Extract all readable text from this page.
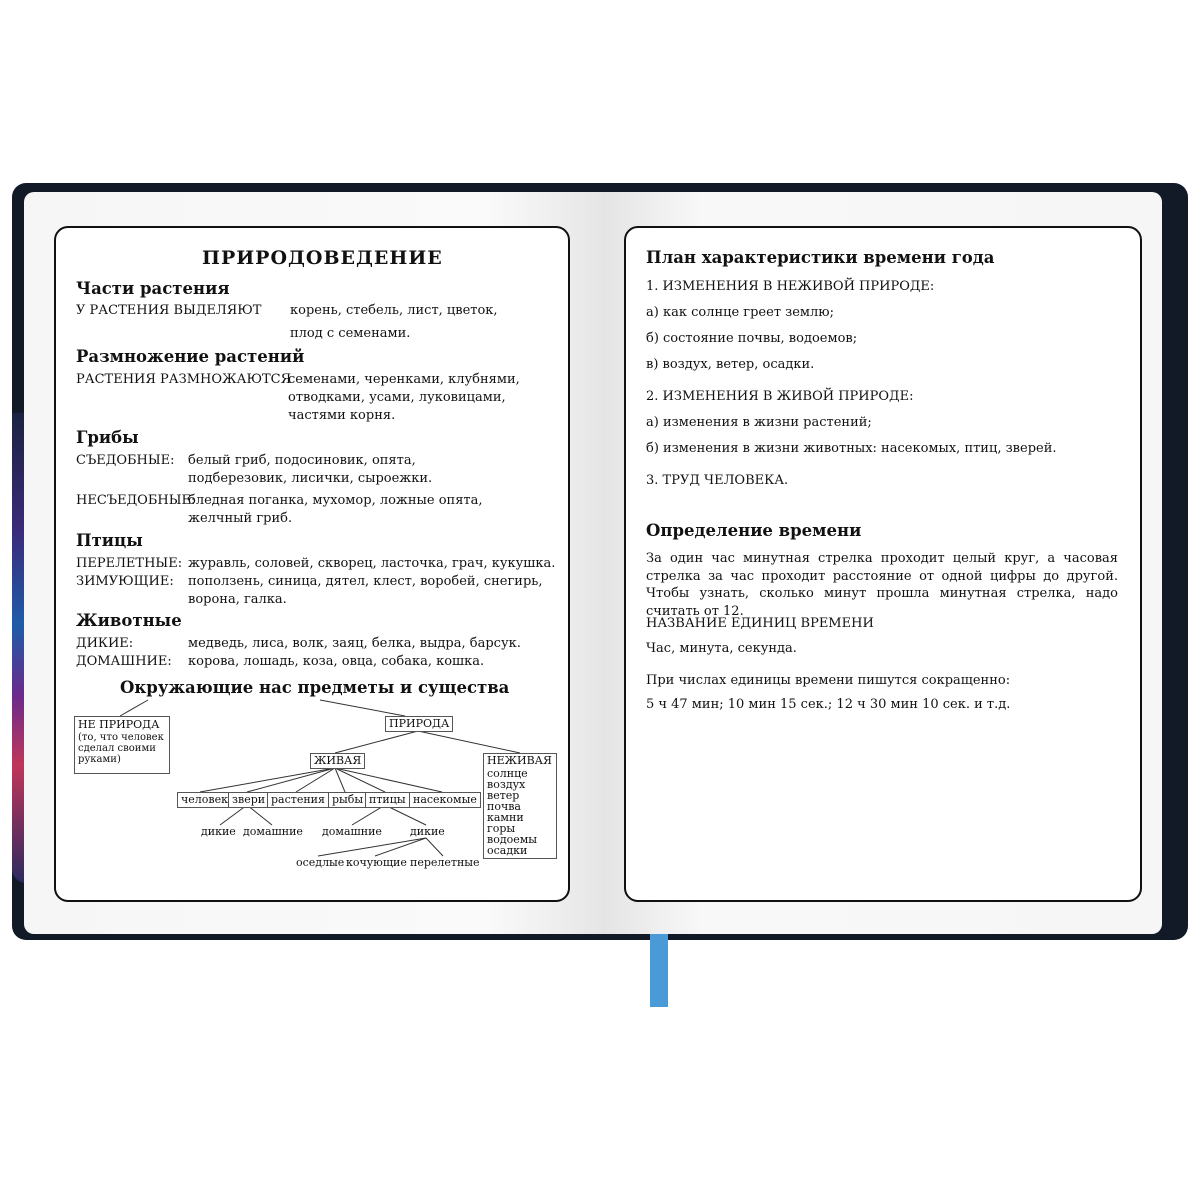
ПРИРОДОВЕДЕНИЕ
Части растения
У РАСТЕНИЯ ВЫДЕЛЯЮТ корень, стебель, лист, цветок,
плод с семенами.
Размножение растений
РАСТЕНИЯ РАЗМНОЖАЮТСЯ
семенами, черенками, клубнями,
отводками, усами, луковицами,
частями корня.
Грибы
СЪЕДОБНЫЕ: белый гриб, подосиновик, опята,
подберезовик, лисички, сыроежки.
НЕСЪЕДОБНЫЕ:
бледная поганка, мухомор, ложные опята,
желчный гриб.
Птицы
ПЕРЕЛЕТНЫЕ: журавль, соловей, скворец, ласточка, грач, кукушка.
ЗИМУЮЩИЕ: поползень, синица, дятел, клест, воробей, снегирь,
ворона, галка.
Животные
ДИКИЕ:	медведь, лиса, волк, заяц, белка, выдра, барсук.
ДОМАШНИЕ: корова, лошадь, коза, овца, собака, кошка.
Окружающие нас предметы и существа
НЕ ПРИРОДА
(то, что человек
сделал своими
руками)
ПРИРОДА
ЖИВАЯ	НЕЖИВАЯ
солнце
воздух
ветер
почва
камни
горы
водоемы
осадки
человек звери растения рыбы птицы насекомые
дикие домашние домашние	дикие
оседлые кочующие перелетные
План характеристики времени года
1. ИЗМЕНЕНИЯ В НЕЖИВОЙ ПРИРОДЕ:
а) как солнце греет землю;
б) состояние почвы, водоемов;
в) воздух, ветер, осадки.
2. ИЗМЕНЕНИЯ В ЖИВОЙ ПРИРОДЕ:
а) изменения в жизни растений;
б) изменения в жизни животных: насекомых, птиц, зверей.
3. ТРУД ЧЕЛОВЕКА.
Определение времени
За один час минутная стрелка проходит целый круг, а часовая стрелка за час проходит расстояние от одной цифры до другой. Чтобы узнать, сколько минут прошла минутная стрелка, надо считать от 12.
НАЗВАНИЕ ЕДИНИЦ ВРЕМЕНИ
Час, минута, секунда.
При числах единицы времени пишутся сокращенно:
5 ч 47 мин; 10 мин 15 сек.; 12 ч 30 мин 10 сек. и т.д.
